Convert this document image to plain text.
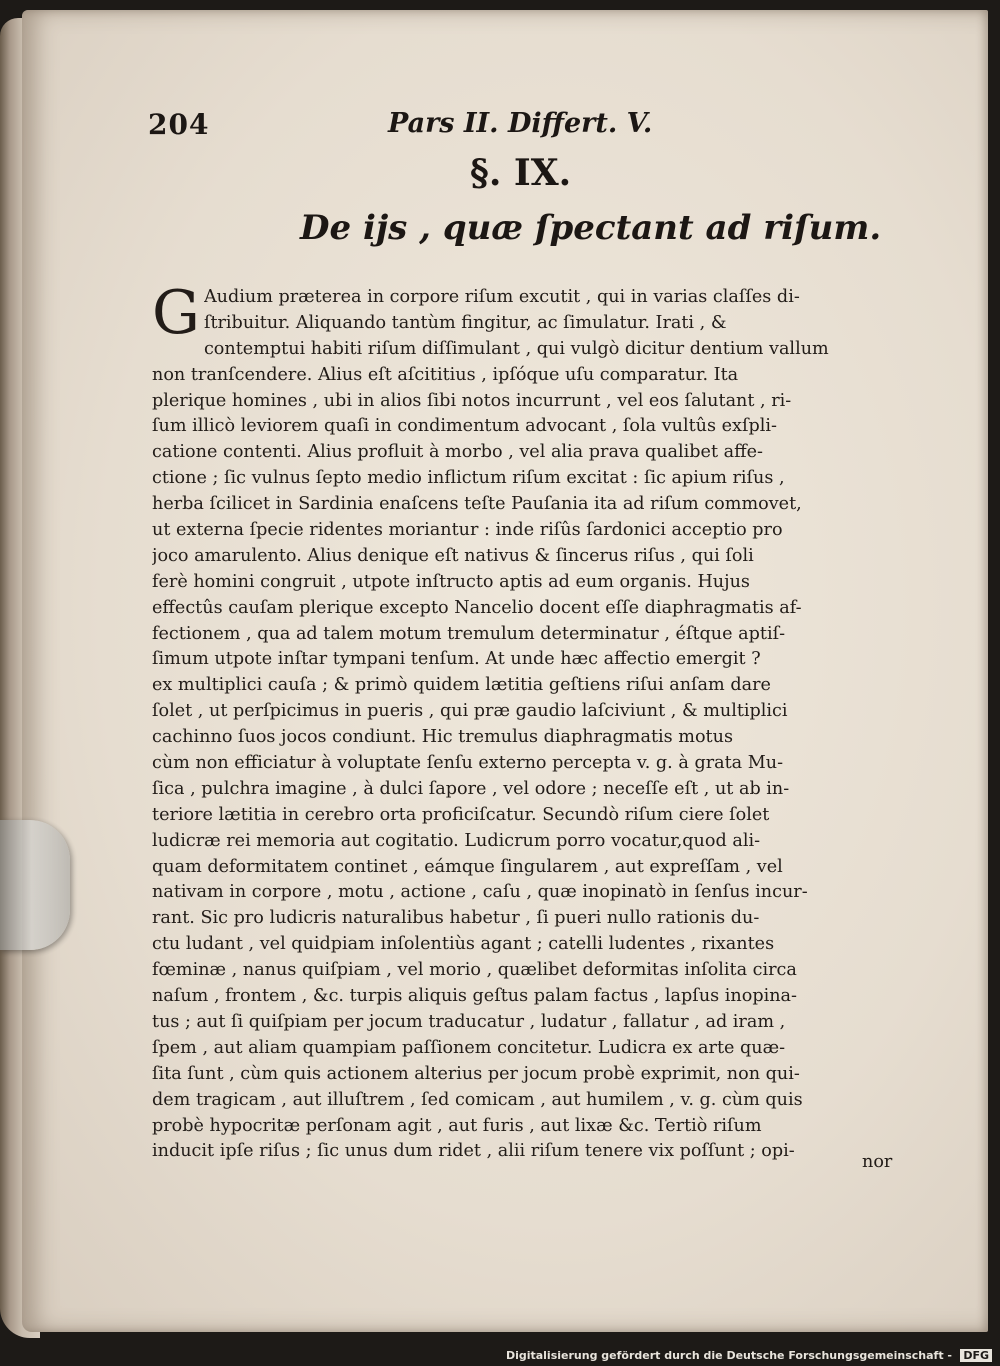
204	Pars II. Differt. V.
§. IX.
De ijs , quæ ſpectant ad riſum.
G Audium præterea in corpore riſum excutit , qui in varias claſſes di-
ſtribuitur. Aliquando tantùm fingitur, ac ſimulatur. Irati , &
contemptui habiti riſum diſſimulant , qui vulgò dicitur dentium vallum
non tranſcendere. Alius eſt aſcititius , ipſóque uſu comparatur. Ita
plerique homines , ubi in alios ſibi notos incurrunt , vel eos ſalutant , ri-
ſum illicò leviorem quaſi in condimentum advocant , ſola vultûs exſpli-
catione contenti. Alius profluit à morbo , vel alia prava qualibet affe-
ctione ; ſic vulnus ſepto medio inflictum riſum excitat : ſic apium riſus ,
herba ſcilicet in Sardinia enaſcens teſte Pauſania ita ad riſum commovet,
ut externa ſpecie ridentes moriantur : inde riſûs ſardonici acceptio pro
joco amarulento. Alius denique eſt nativus & ſincerus riſus , qui ſoli
ferè homini congruit , utpote inſtructo aptis ad eum organis. Hujus
effectûs cauſam plerique excepto Nancelio docent eſſe diaphragmatis af-
fectionem , qua ad talem motum tremulum determinatur , éſtque aptiſ-
ſimum utpote inſtar tympani tenſum. At unde hæc affectio emergit ?
ex multiplici cauſa ; & primò quidem lætitia geſtiens riſui anſam dare
ſolet , ut perſpicimus in pueris , qui præ gaudio laſciviunt , & multiplici
cachinno ſuos jocos condiunt. Hic tremulus diaphragmatis motus
cùm non efficiatur à voluptate ſenſu externo percepta v. g. à grata Mu-
ſica , pulchra imagine , à dulci ſapore , vel odore ; neceſſe eſt , ut ab in-
teriore lætitia in cerebro orta proficiſcatur. Secundò riſum ciere ſolet
ludicræ rei memoria aut cogitatio. Ludicrum porro vocatur,quod ali-
quam deformitatem continet , eámque ſingularem , aut expreſſam , vel
nativam in corpore , motu , actione , caſu , quæ inopinatò in ſenſus incur-
rant. Sic pro ludicris naturalibus habetur , ſi pueri nullo rationis du-
ctu ludant , vel quidpiam inſolentiùs agant ; catelli ludentes , rixantes
fœminæ , nanus quiſpiam , vel morio , quælibet deformitas inſolita circa
naſum , frontem , &c. turpis aliquis geſtus palam factus , lapſus inopina-
tus ; aut ſi quiſpiam per jocum traducatur , ludatur , fallatur , ad iram ,
ſpem , aut aliam quampiam paſſionem concitetur. Ludicra ex arte quæ-
ſita ſunt , cùm quis actionem alterius per jocum probè exprimit, non qui-
dem tragicam , aut illuſtrem , ſed comicam , aut humilem , v. g. cùm quis
probè hypocritæ perſonam agit , aut furis , aut lixæ &c. Tertiò riſum
inducit ipſe riſus ; ſic unus dum ridet , alii riſum tenere vix poſſunt ; opi-
nor
Digitalisierung gefördert durch die Deutsche Forschungsgemeinschaft - DFG
